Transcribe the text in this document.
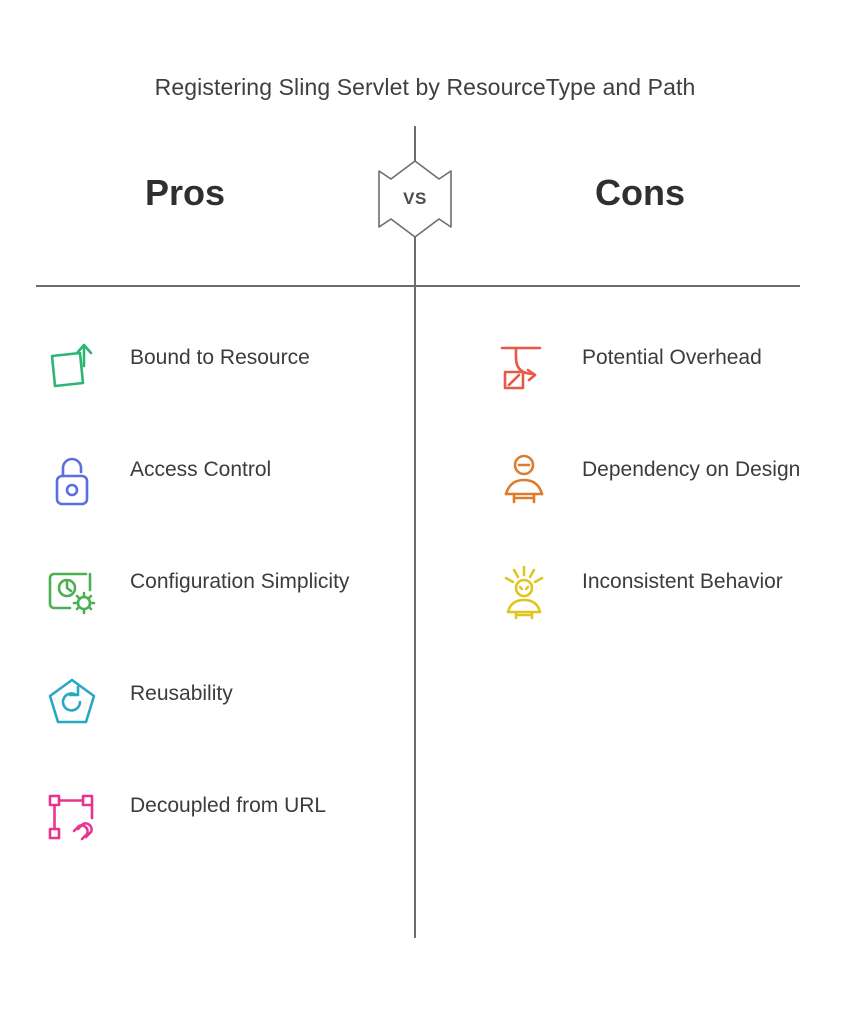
Registering Sling Servlet by ResourceType and Path
VS
Pros	Cons
Bound to Resource
Access Control
Configuration Simplicity
Reusability
Decoupled from URL
Potential Overhead
Dependency on Design
Inconsistent Behavior
